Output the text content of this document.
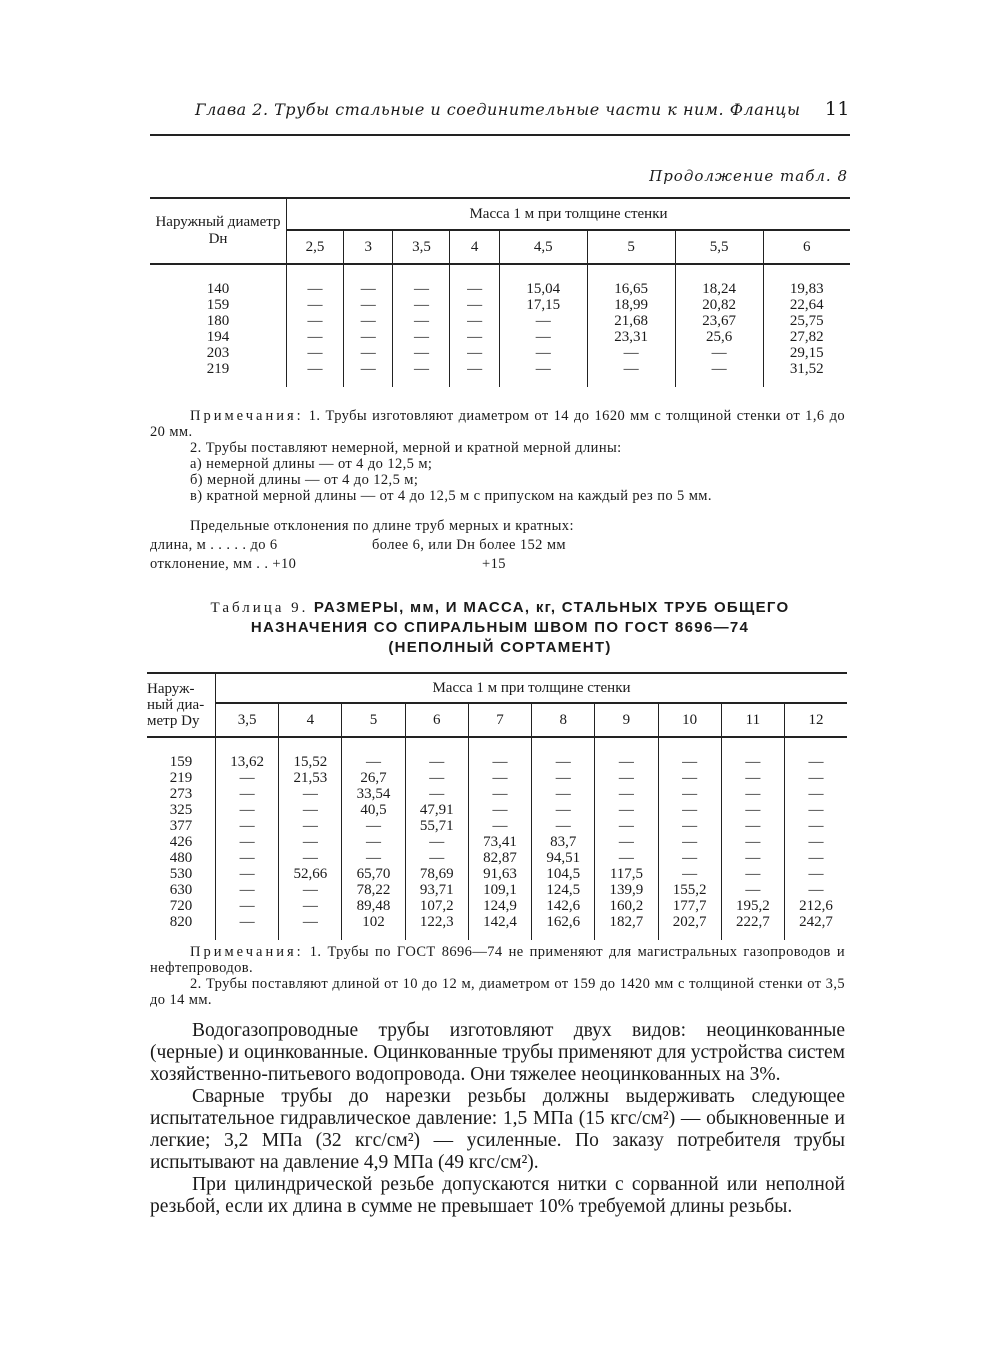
Глава 2. Трубы стальные и соединительные части к ним. Фланцы 11
Продолжение табл. 8
Наружный диаметр Dн	Масса 1 м при толщине стенки							
	2,5	3	3,5	4	4,5	5	5,5	6
140	—	—	—	—	15,04	16,65	18,24	19,83
159	—	—	—	—	17,15	18,99	20,82	22,64
180	—	—	—	—	—	21,68	23,67	25,75
194	—	—	—	—	—	23,31	25,6	27,82
203	—	—	—	—	—	—	—	29,15
219	—	—	—	—	—	—	—	31,52
Примечания: 1. Трубы изготовляют диаметром от 14 до 1620 мм с толщиной стенки от 1,6 до 20 мм.
2. Трубы поставляют немерной, мерной и кратной мерной длины:
а) немерной длины — от 4 до 12,5 м;
б) мерной длины — от 4 до 12,5 м;
в) кратной мерной длины — от 4 до 12,5 м с припуском на каждый рез по 5 мм.
Предельные отклонения по длине труб мерных и кратных:
длина, м . . . . . до 6	более 6, или Dн более 152 мм
отклонение, мм . . +10	+15
Таблица 9. РАЗМЕРЫ, мм, И МАССА, кг, СТАЛЬНЫХ ТРУБ ОБЩЕГО НАЗНАЧЕНИЯ СО СПИРАЛЬНЫМ ШВОМ ПО ГОСТ 8696—74
(НЕПОЛНЫЙ СОРТАМЕНТ)
Наруж-ный диа-метр Dу	Масса 1 м при толщине стенки									
	3,5	4	5	6	7	8	9	10	11	12
159	13,62	15,52	—	—	—	—	—	—	—	—
219	—	21,53	26,7	—	—	—	—	—	—	—
273	—	—	33,54	—	—	—	—	—	—	—
325	—	—	40,5	47,91	—	—	—	—	—	—
377	—	—	—	55,71	—	—	—	—	—	—
426	—	—	—	—	73,41	83,7	—	—	—	—
480	—	—	—	—	82,87	94,51	—	—	—	—
530	—	52,66	65,70	78,69	91,63	104,5	117,5	—	—	—
630	—	—	78,22	93,71	109,1	124,5	139,9	155,2	—	—
720	—	—	89,48	107,2	124,9	142,6	160,2	177,7	195,2	212,6
820	—	—	102	122,3	142,4	162,6	182,7	202,7	222,7	242,7
Примечания: 1. Трубы по ГОСТ 8696—74 не применяют для магистральных газопроводов и нефтепроводов.
2. Трубы поставляют длиной от 10 до 12 м, диаметром от 159 до 1420 мм с толщиной стенки от 3,5 до 14 мм.

Водогазопроводные трубы изготовляют двух видов: неоцинкованные (черные) и оцинкованные. Оцинкованные трубы применяют для устройства систем хозяйственно-питьевого водопровода. Они тяжелее неоцинкованных на 3%.

Сварные трубы до нарезки резьбы должны выдерживать следующее испытательное гидравлическое давление: 1,5 МПа (15 кгс/см²) — обыкновенные и легкие; 3,2 МПа (32 кгс/см²) — усиленные. По заказу потребителя трубы испытывают на давление 4,9 МПа (49 кгс/см²).

При цилиндрической резьбе допускаются нитки с сорванной или неполной резьбой, если их длина в сумме не превышает 10% требуемой длины резьбы.
